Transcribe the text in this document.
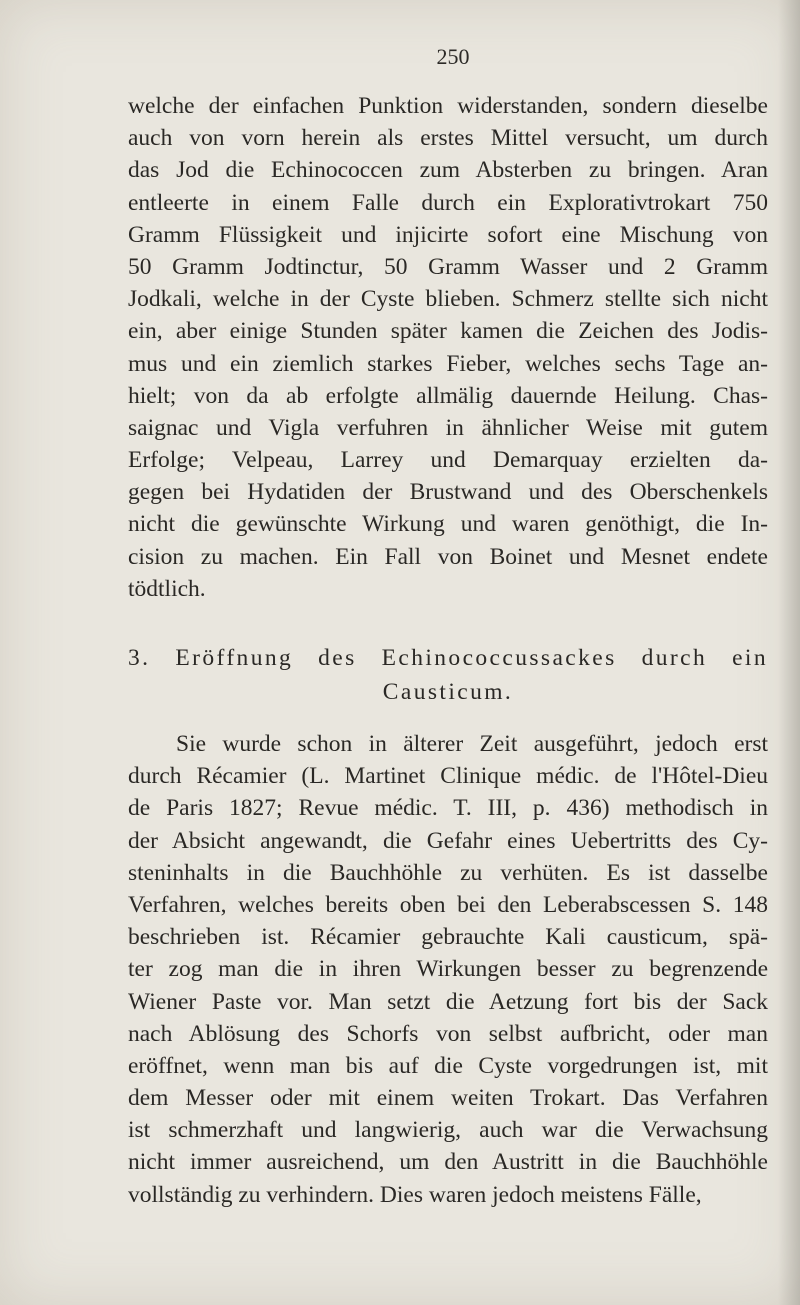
250
welche der einfachen Punktion widerstanden, sondern dieselbe
auch von vorn herein als erstes Mittel versucht, um durch
das Jod die Echinococcen zum Absterben zu bringen. Aran
entleerte in einem Falle durch ein Explorativtrokart 750
Gramm Flüssigkeit und injicirte sofort eine Mischung von
50 Gramm Jodtinctur, 50 Gramm Wasser und 2 Gramm
Jodkali, welche in der Cyste blieben. Schmerz stellte sich nicht
ein, aber einige Stunden später kamen die Zeichen des Jodis-
mus und ein ziemlich starkes Fieber, welches sechs Tage an-
hielt; von da ab erfolgte allmälig dauernde Heilung. Chas-
saignac und Vigla verfuhren in ähnlicher Weise mit gutem
Erfolge; Velpeau, Larrey und Demarquay erzielten da-
gegen bei Hydatiden der Brustwand und des Oberschenkels
nicht die gewünschte Wirkung und waren genöthigt, die In-
cision zu machen. Ein Fall von Boinet und Mesnet endete
tödtlich.
3. Eröffnung des Echinococcussackes durch ein
Causticum.
Sie wurde schon in älterer Zeit ausgeführt, jedoch erst
durch Récamier (L. Martinet Clinique médic. de l'Hôtel-Dieu
de Paris 1827; Revue médic. T. III, p. 436) methodisch in
der Absicht angewandt, die Gefahr eines Uebertritts des Cy-
steninhalts in die Bauchhöhle zu verhüten. Es ist dasselbe
Verfahren, welches bereits oben bei den Leberabscessen S. 148
beschrieben ist. Récamier gebrauchte Kali causticum, spä-
ter zog man die in ihren Wirkungen besser zu begrenzende
Wiener Paste vor. Man setzt die Aetzung fort bis der Sack
nach Ablösung des Schorfs von selbst aufbricht, oder man
eröffnet, wenn man bis auf die Cyste vorgedrungen ist, mit
dem Messer oder mit einem weiten Trokart. Das Verfahren
ist schmerzhaft und langwierig, auch war die Verwachsung
nicht immer ausreichend, um den Austritt in die Bauchhöhle
vollständig zu verhindern. Dies waren jedoch meistens Fälle,
